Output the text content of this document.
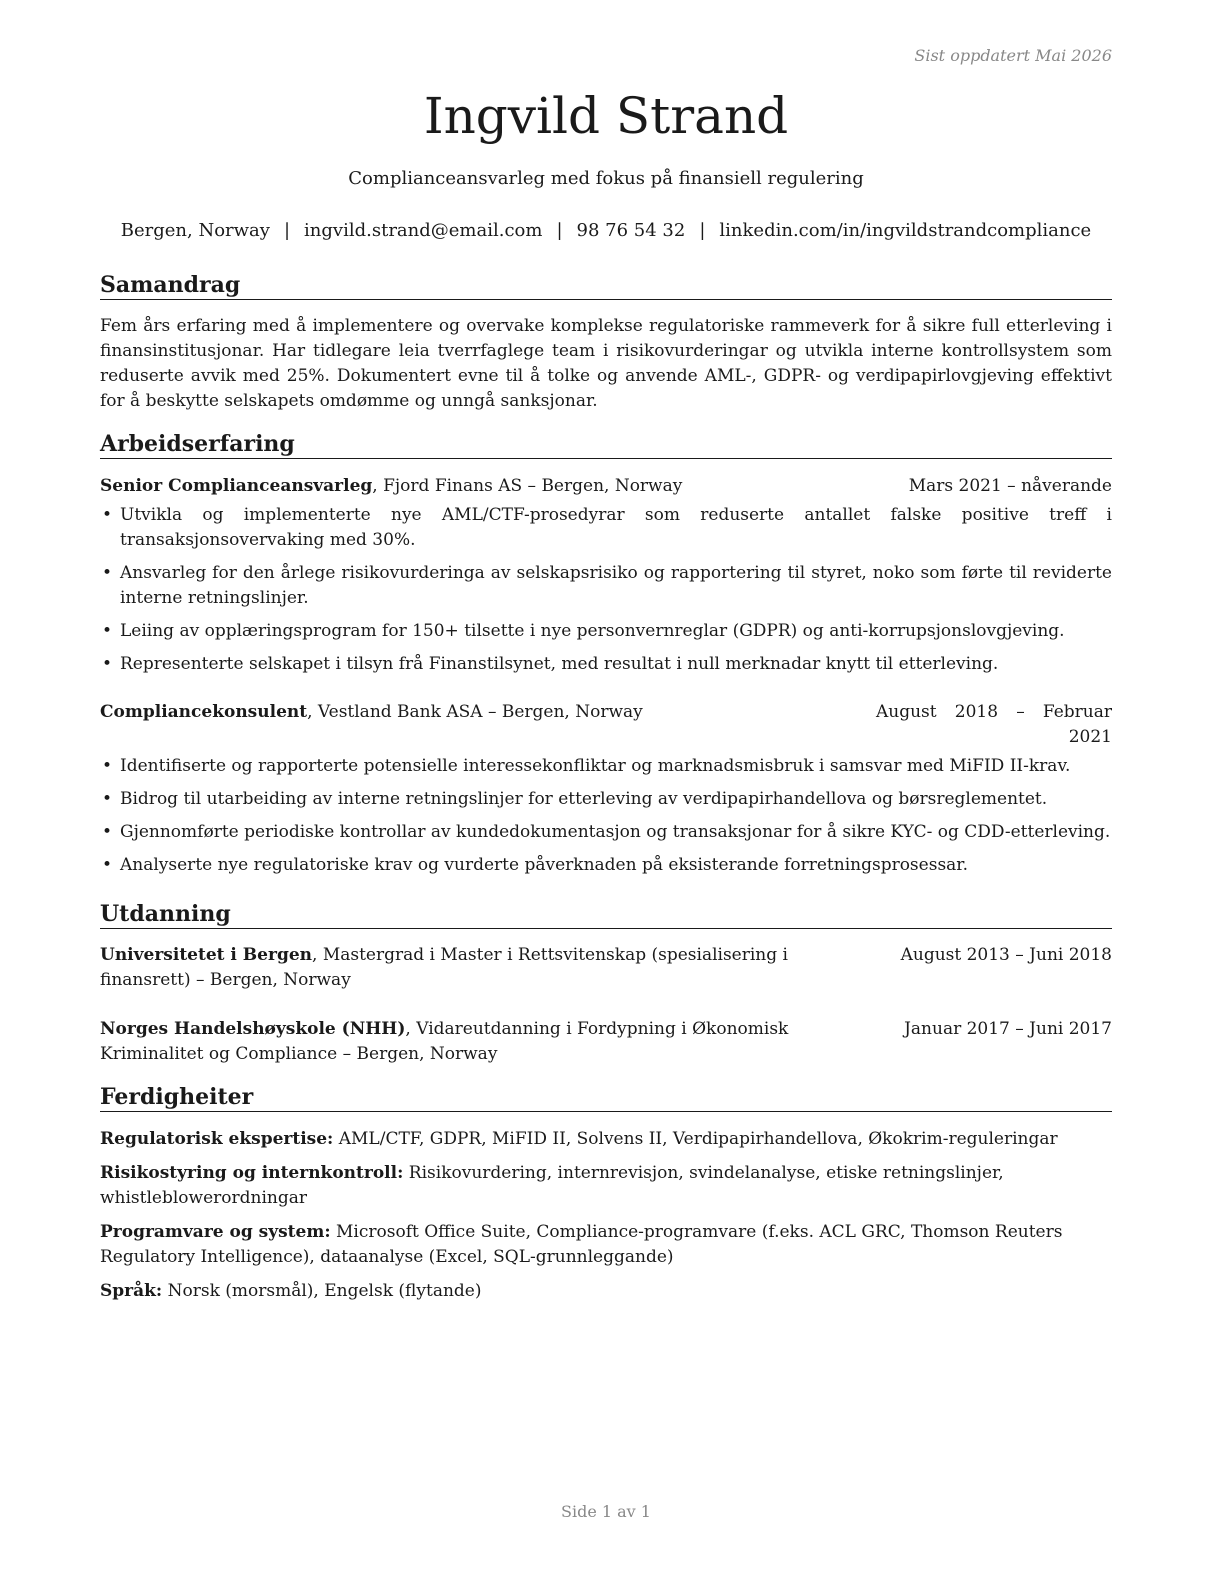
Sist oppdatert Mai 2026
Ingvild Strand
Complianceansvarleg med fokus på finansiell regulering
Bergen, Norway | ingvild.strand@email.com | 98 76 54 32 | linkedin.com/in/ingvildstrandcompliance
Samandrag
Fem års erfaring med å implementere og overvake komplekse regulatoriske rammeverk for å sikre full etterleving i finansinstitusjonar. Har tidlegare leia tverrfaglege team i risikovurderingar og utvikla interne kontrollsystem som reduserte avvik med 25%. Dokumentert evne til å tolke og anvende AML-, GDPR- og verdipapirlovgjeving effektivt for å beskytte selskapets omdømme og unngå sanksjonar.
Arbeidserfaring
Senior Complianceansvarleg, Fjord Finans AS – Bergen, Norway	Mars 2021 – nåverande
• Utvikla og implementerte nye AML/CTF-prosedyrar som reduserte antallet falske positive treff i transaksjonsovervaking med 30%.
• Ansvarleg for den årlege risikovurderinga av selskapsrisiko og rapportering til styret, noko som førte til reviderte interne retningslinjer.
• Leiing av opplæringsprogram for 150+ tilsette i nye personvernreglar (GDPR) og anti-korrupsjonslovgjeving.
• Representerte selskapet i tilsyn frå Finanstilsynet, med resultat i null merknadar knytt til etterleving.
Compliancekonsulent, Vestland Bank ASA – Bergen, Norway	August 2018 – Februar 2021
• Identifiserte og rapporterte potensielle interessekonfliktar og marknadsmisbruk i samsvar med MiFID II-krav.
• Bidrog til utarbeiding av interne retningslinjer for etterleving av verdipapirhandellova og børsreglementet.
• Gjennomførte periodiske kontrollar av kundedokumentasjon og transaksjonar for å sikre KYC- og CDD-etterleving.
• Analyserte nye regulatoriske krav og vurderte påverknaden på eksisterande forretningsprosessar.
Utdanning
Universitetet i Bergen, Mastergrad i Master i Rettsvitenskap (spesialisering i finansrett) – Bergen, Norway
August 2013 – Juni 2018
Norges Handelshøyskole (NHH), Vidareutdanning i Fordypning i Økonomisk Kriminalitet og Compliance – Bergen, Norway
Januar 2017 – Juni 2017
Ferdigheiter
Regulatorisk ekspertise: AML/CTF, GDPR, MiFID II, Solvens II, Verdipapirhandellova, Økokrim-reguleringar
Risikostyring og internkontroll: Risikovurdering, internrevisjon, svindelanalyse, etiske retningslinjer, whistleblowerordningar
Programvare og system: Microsoft Office Suite, Compliance-programvare (f.eks. ACL GRC, Thomson Reuters Regulatory Intelligence), dataanalyse (Excel, SQL-grunnleggande)
Språk: Norsk (morsmål), Engelsk (flytande)
Side 1 av 1
